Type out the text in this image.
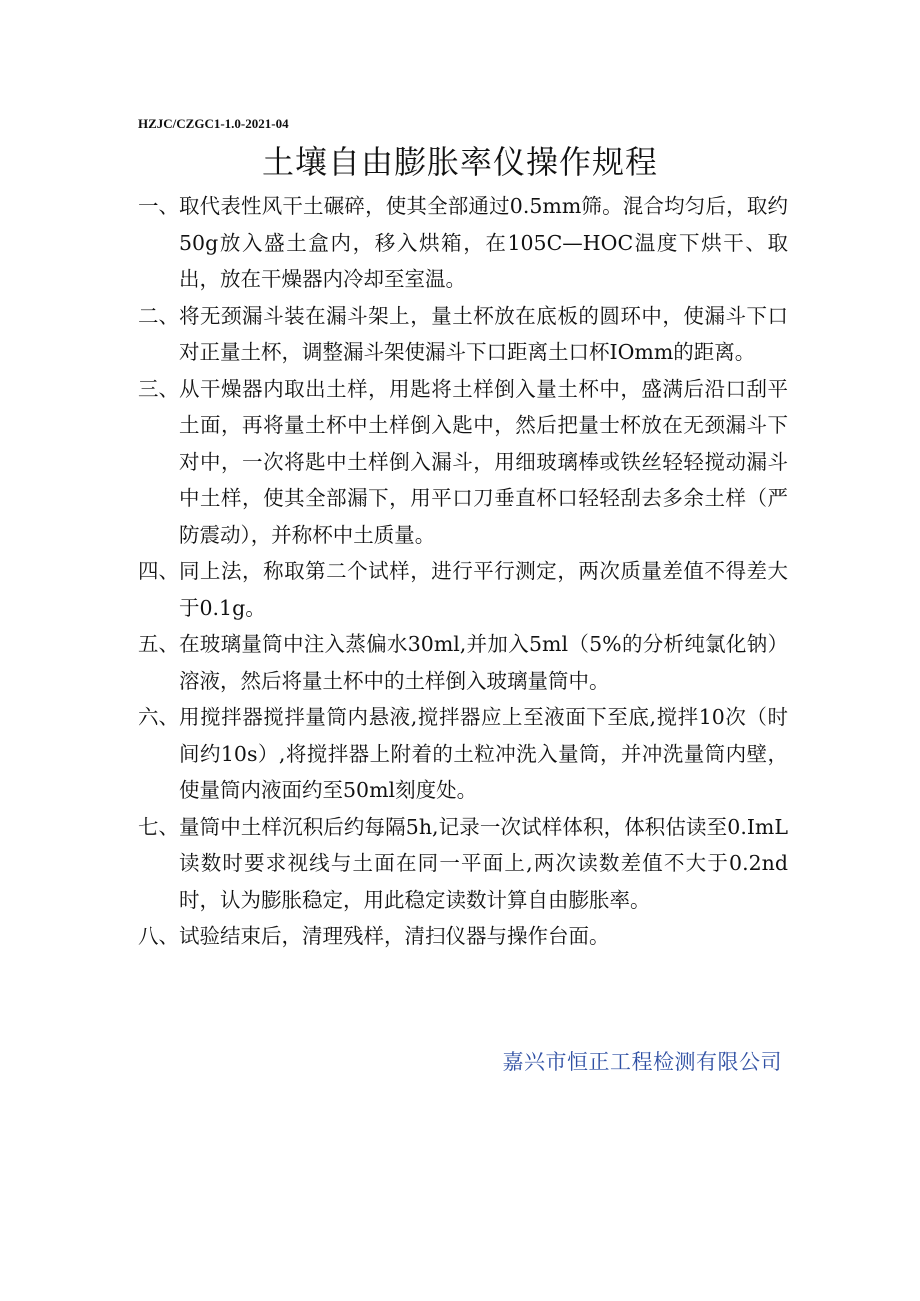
HZJC/CZGC1-1.0-2021-04
土壤自由膨胀率仪操作规程
一、 取代表性风干土碾碎，使其全部通过0.5mm筛。混合均匀后，取约50g放入盛土盒内，移入烘箱，在105C—HOC温度下烘干、取出，放在干燥器内冷却至室温。
二、 将无颈漏斗装在漏斗架上，量土杯放在底板的圆环中，使漏斗下口对正量土杯，调整漏斗架使漏斗下口距离土口杯IOmm的距离。
三、 从干燥器内取出土样，用匙将土样倒入量土杯中，盛满后沿口刮平土面，再将量土杯中土样倒入匙中，然后把量士杯放在无颈漏斗下对中，一次将匙中土样倒入漏斗，用细玻璃棒或铁丝轻轻搅动漏斗中土样，使其全部漏下，用平口刀垂直杯口轻轻刮去多余土样（严防震动），并称杯中土质量。
四、 同上法，称取第二个试样，进行平行测定，两次质量差值不得差大于0.1g。
五、 在玻璃量筒中注入蒸偏水30ml,并加入5ml（5%的分析纯氯化钠）溶液，然后将量土杯中的土样倒入玻璃量筒中。
六、 用搅拌器搅拌量筒内悬液,搅拌器应上至液面下至底,搅拌10次（时间约10s）,将搅拌器上附着的土粒冲洗入量筒，并冲洗量筒内壁，使量筒内液面约至50ml刻度处。
七、 量筒中土样沉积后约每隔5h,记录一次试样体积，体积估读至0.ImL读数时要求视线与土面在同一平面上,两次读数差值不大于0.2nd时，认为膨胀稳定，用此稳定读数计算自由膨胀率。
八、 试验结束后，清理残样，清扫仪器与操作台面。
嘉兴市恒正工程检测有限公司
